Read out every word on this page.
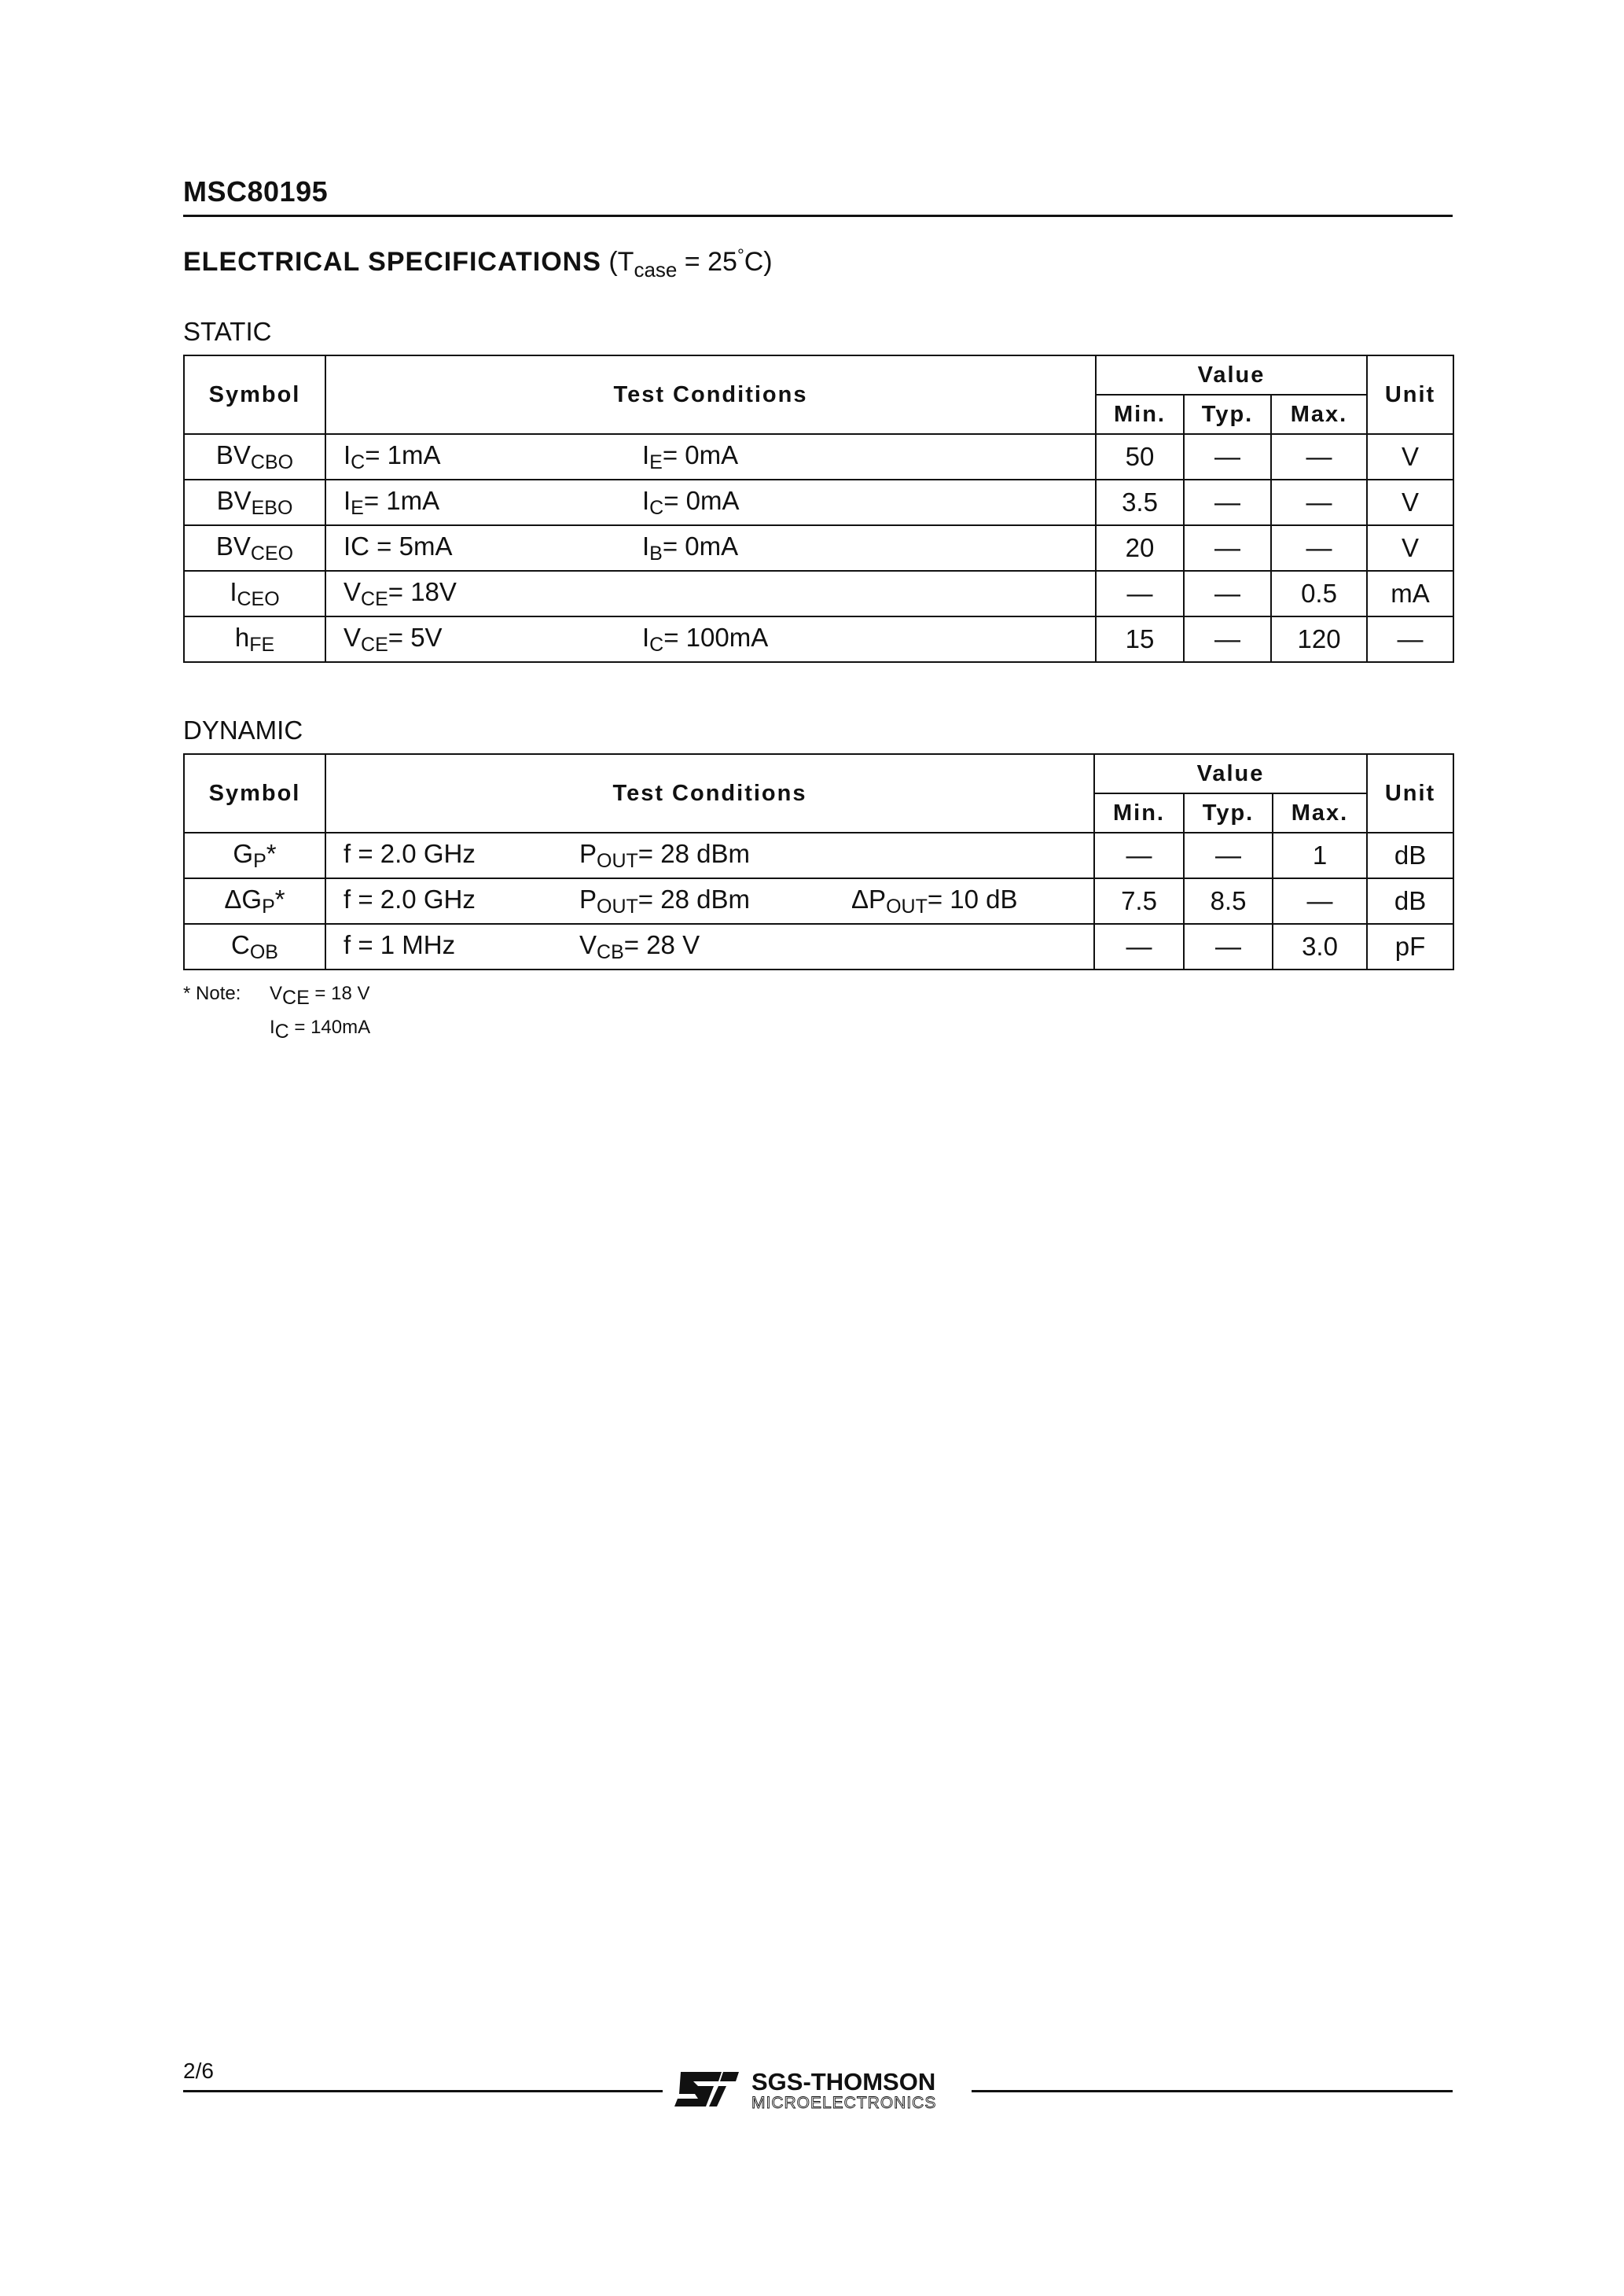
MSC80195
ELECTRICAL SPECIFICATIONS $(T_{case} = 25^\circ C)$
STATIC
Symbol	Test Conditions	Value			Unit
		Min.	Typ.	Max.	
$BV_{CBO}$	IC= 1mA IE= 0mA	50	—	—	V
$BV_{EBO}$	IE= 1mA IC= 0mA	3.5	—	—	V
$BV_{CEO}$	IC = 5mA IB= 0mA	20	—	—	V
$I_{CEO}$	VCE= 18V	—	—	0.5	mA
$h_{FE}$	VCE= 5V IC= 100mA	15	—	120	—
DYNAMIC
Symbol	Test Conditions	Value			Unit
		Min.	Typ.	Max.	
$G_P*$	f = 2.0 GHz POUT= 28 dBm	—	—	1	dB
$\Delta G_P*$	f = 2.0 GHz POUT= 28 dBm ΔPOUT= 10 dB	7.5	8.5	—	dB
$C_{OB}$	f = 1 MHz VCB= 28 V	—	—	3.0	pF
* Note: VCE = 18 V
IC = 140mA
2/6	SGS-THOMSON
MICROELECTRONICS
